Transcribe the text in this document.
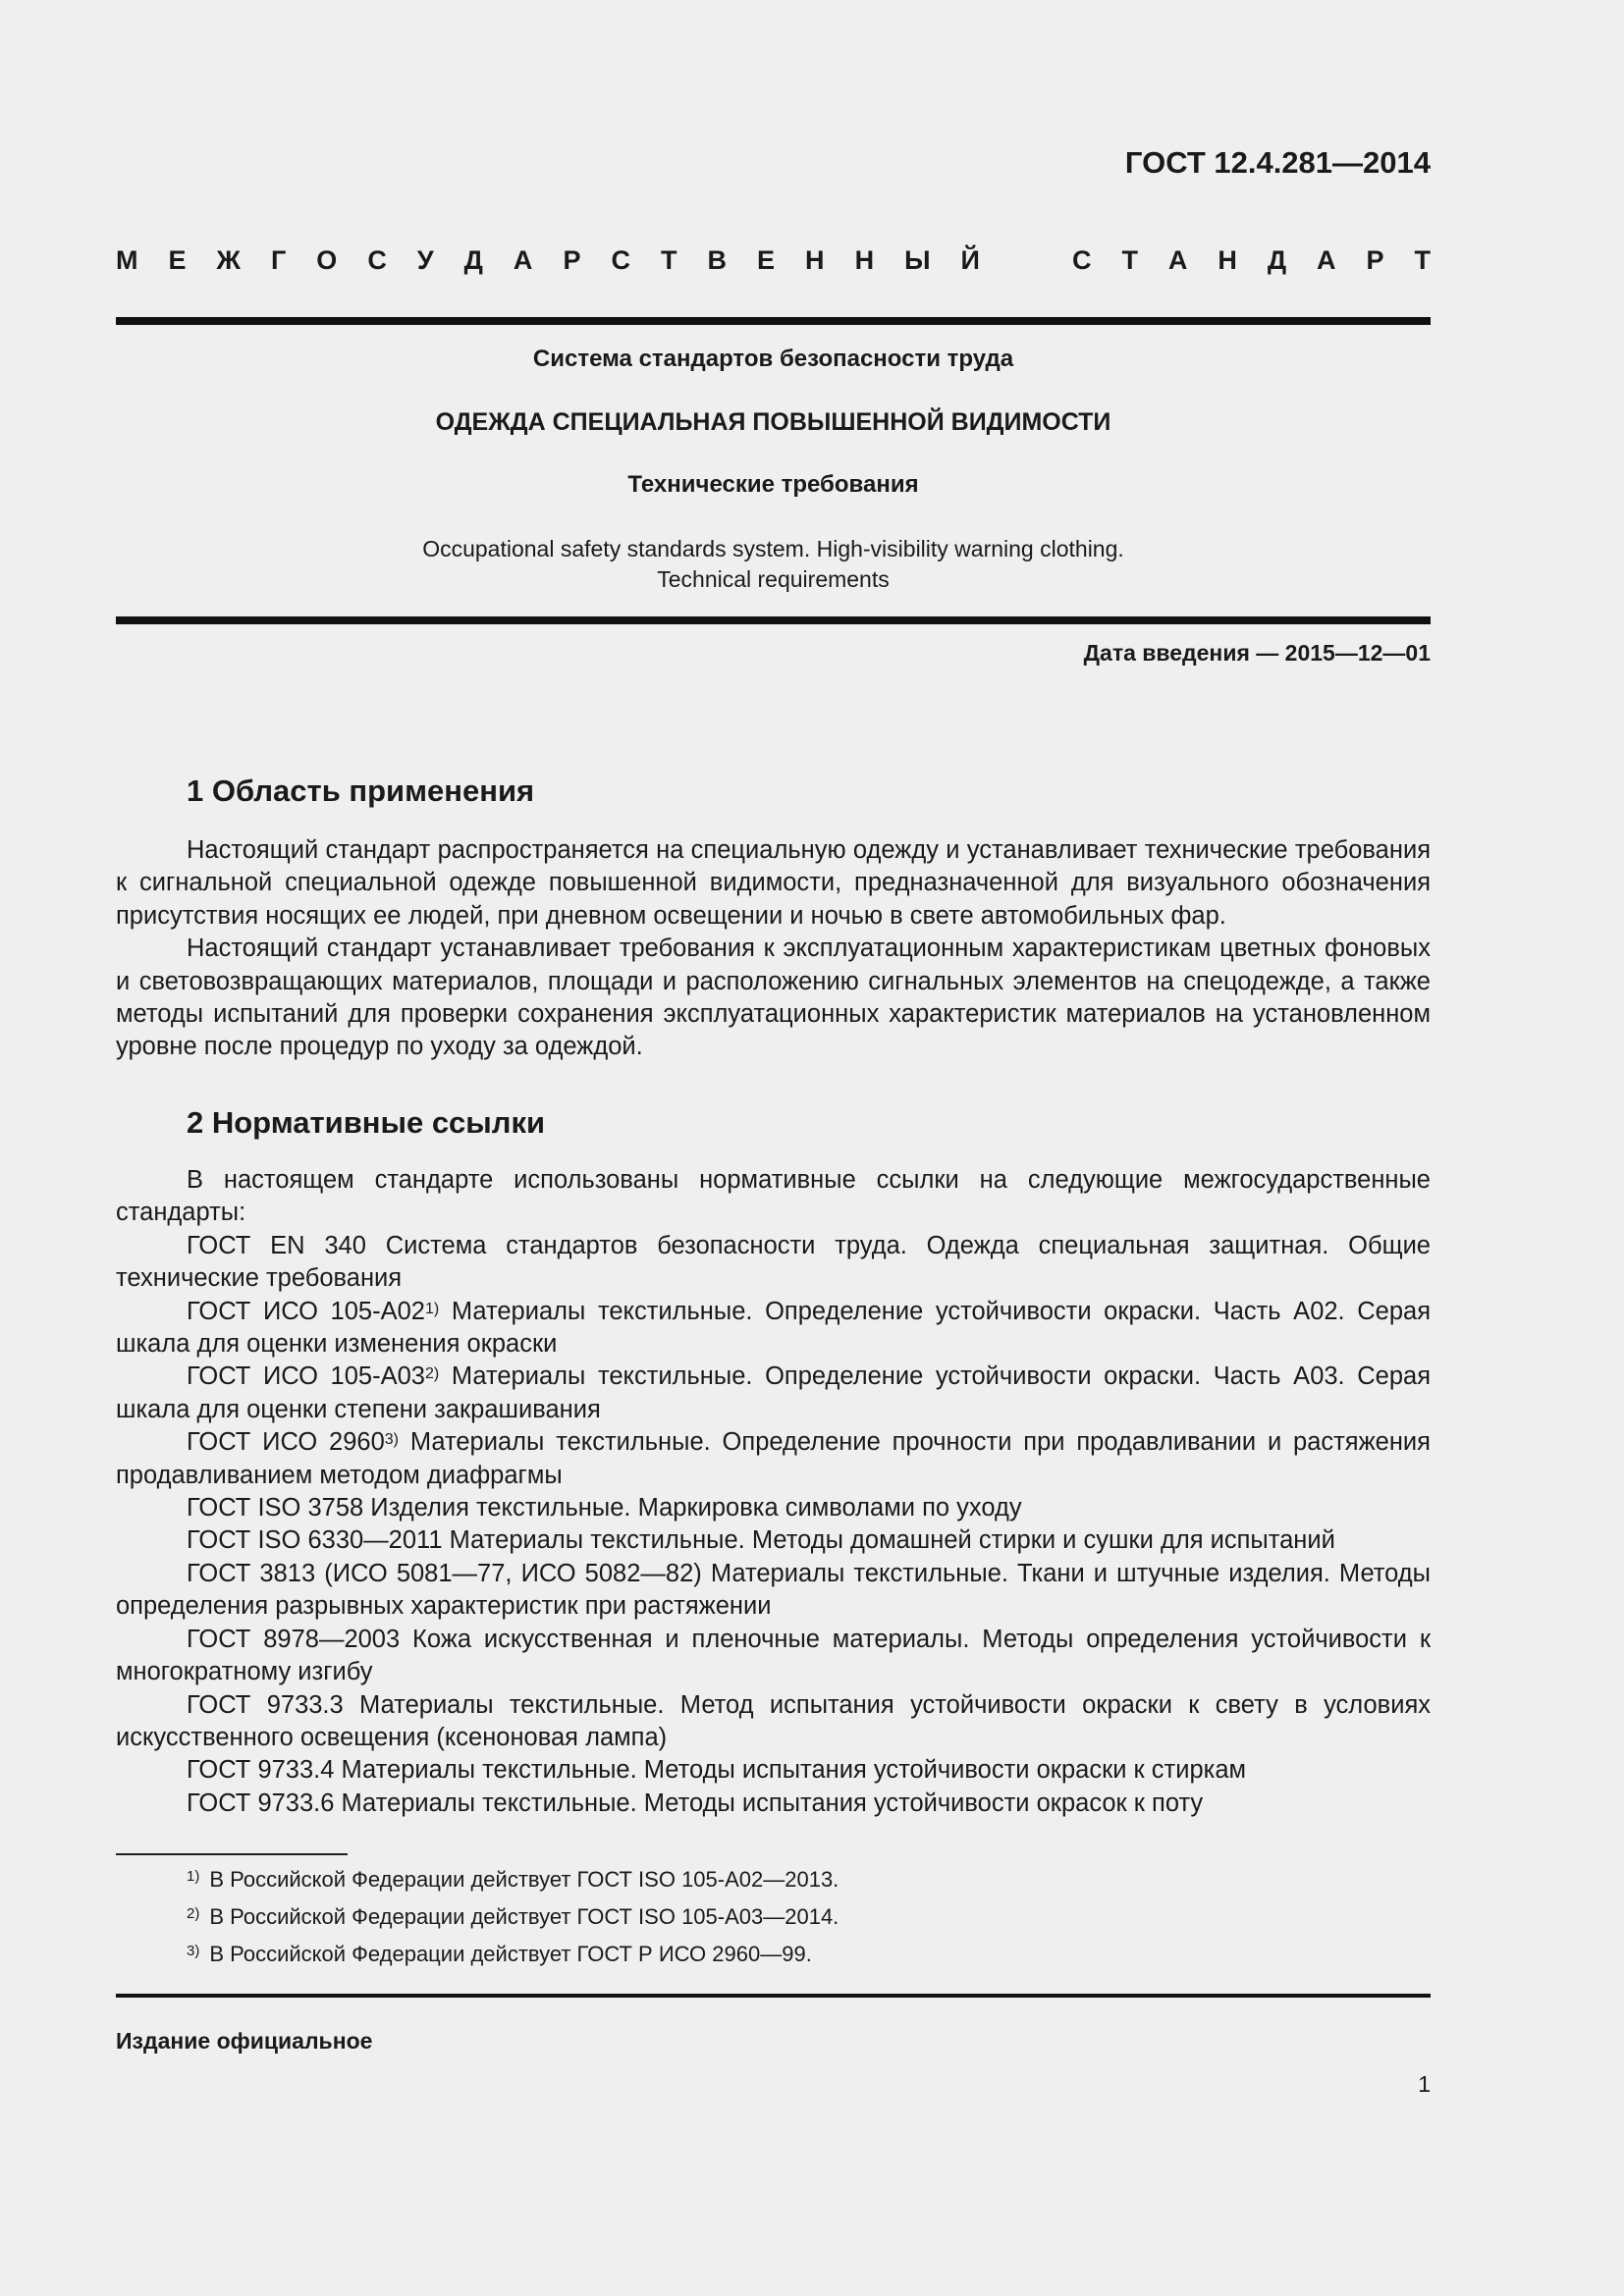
ГОСТ 12.4.281—2014
М Е Ж Г О С У Д А Р С Т В Е Н Н Ы Й	С Т А Н Д А Р Т
Система стандартов безопасности труда
ОДЕЖДА СПЕЦИАЛЬНАЯ ПОВЫШЕННОЙ ВИДИМОСТИ
Технические требования
Occupational safety standards system. High-visibility warning clothing.
Technical requirements
Дата введения — 2015—12—01
1 Область применения

Настоящий стандарт распространяется на специальную одежду и устанавливает технические требования к сигнальной специальной одежде повышенной видимости, предназначенной для визуального обозначения присутствия носящих ее людей, при дневном освещении и ночью в свете автомобильных фар.

Настоящий стандарт устанавливает требования к эксплуатационным характеристикам цветных фоновых и световозвращающих материалов, площади и расположению сигнальных элементов на спецодежде, а также методы испытаний для проверки сохранения эксплуатационных характеристик материалов на установленном уровне после процедур по уходу за одеждой.

2 Нормативные ссылки

В настоящем стандарте использованы нормативные ссылки на следующие межгосударственные стандарты:

ГОСТ EN 340 Система стандартов безопасности труда. Одежда специальная защитная. Общие технические требования

ГОСТ ИСО 105-A02$^{1)}$ Материалы текстильные. Определение устойчивости окраски. Часть A02. Серая шкала для оценки изменения окраски

ГОСТ ИСО 105-A03$^{2)}$ Материалы текстильные. Определение устойчивости окраски. Часть A03. Серая шкала для оценки степени закрашивания

ГОСТ ИСО 2960$^{3)}$ Материалы текстильные. Определение прочности при продавливании и растяжения продавливанием методом диафрагмы

ГОСТ ISO 3758 Изделия текстильные. Маркировка символами по уходу

ГОСТ ISO 6330—2011 Материалы текстильные. Методы домашней стирки и сушки для испытаний

ГОСТ 3813 (ИСО 5081—77, ИСО 5082—82) Материалы текстильные. Ткани и штучные изделия. Методы определения разрывных характеристик при растяжении

ГОСТ 8978—2003 Кожа искусственная и пленочные материалы. Методы определения устойчивости к многократному изгибу

ГОСТ 9733.3 Материалы текстильные. Метод испытания устойчивости окраски к свету в условиях искусственного освещения (ксеноновая лампа)

ГОСТ 9733.4 Материалы текстильные. Методы испытания устойчивости окраски к стиркам

ГОСТ 9733.6 Материалы текстильные. Методы испытания устойчивости окрасок к поту

$^{1)}$ В Российской Федерации действует ГОСТ ISO 105-A02—2013.
$^{2)}$ В Российской Федерации действует ГОСТ ISO 105-A03—2014.
$^{3)}$ В Российской Федерации действует ГОСТ Р ИСО 2960—99.
Издание официальное
1
